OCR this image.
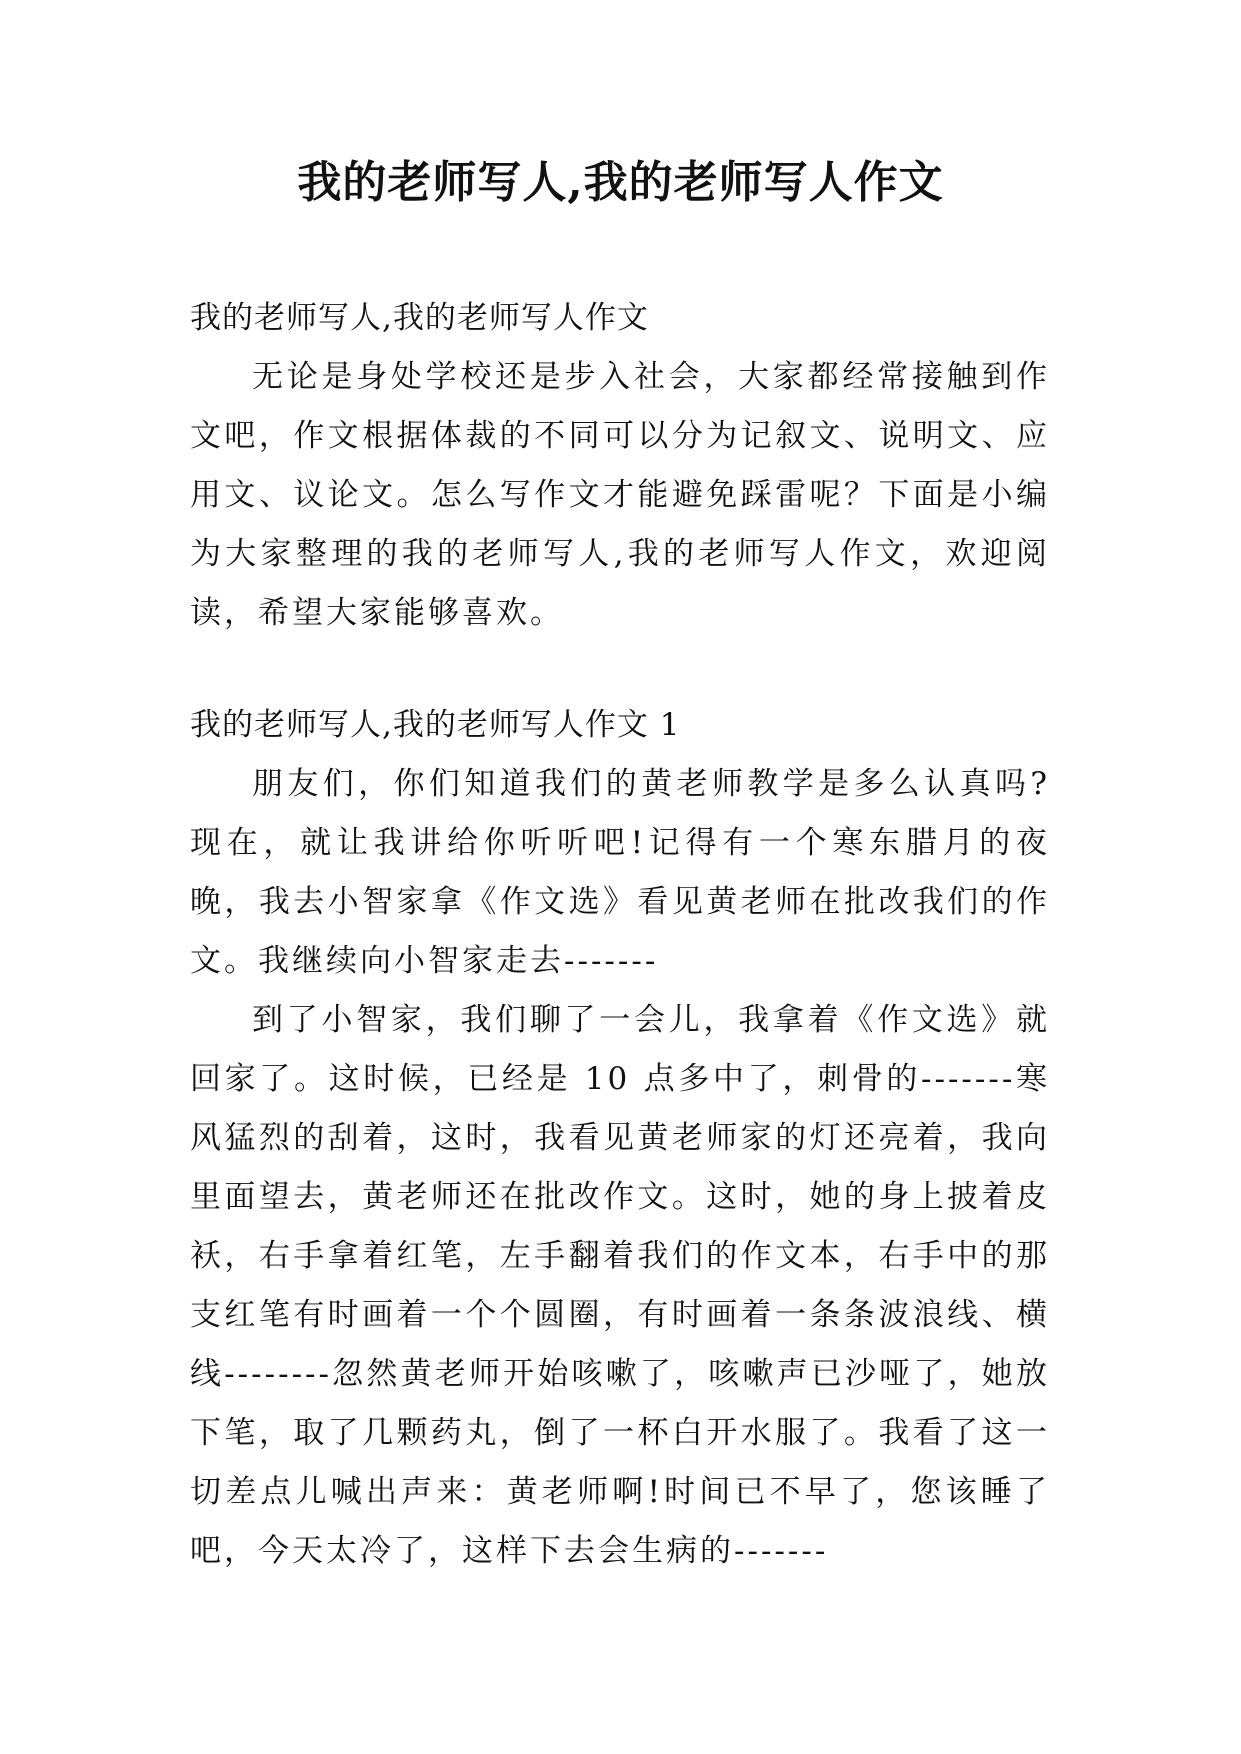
我的老师写人,我的老师写人作文

我的老师写人,我的老师写人作文

无论是身处学校还是步入社会，大家都经常接触到作文吧，作文根据体裁的不同可以分为记叙文、说明文、应用文、议论文。怎么写作文才能避免踩雷呢？下面是小编为大家整理的我的老师写人,我的老师写人作文，欢迎阅读，希望大家能够喜欢。

我的老师写人,我的老师写人作文 1

朋友们，你们知道我们的黄老师教学是多么认真吗?现在，就让我讲给你听听吧!记得有一个寒东腊月的夜晚，我去小智家拿《作文选》看见黄老师在批改我们的作文。我继续向小智家走去-------

到了小智家，我们聊了一会儿，我拿着《作文选》就回家了。这时候，已经是 10 点多中了，刺骨的-------寒风猛烈的刮着，这时，我看见黄老师家的灯还亮着，我向里面望去，黄老师还在批改作文。这时，她的身上披着皮袄，右手拿着红笔，左手翻着我们的作文本，右手中的那支红笔有时画着一个个圆圈，有时画着一条条波浪线、横线--------忽然黄老师开始咳嗽了，咳嗽声已沙哑了，她放下笔，取了几颗药丸，倒了一杯白开水服了。我看了这一切差点儿喊出声来：黄老师啊!时间已不早了，您该睡了吧，今天太冷了，这样下去会生病的-------
